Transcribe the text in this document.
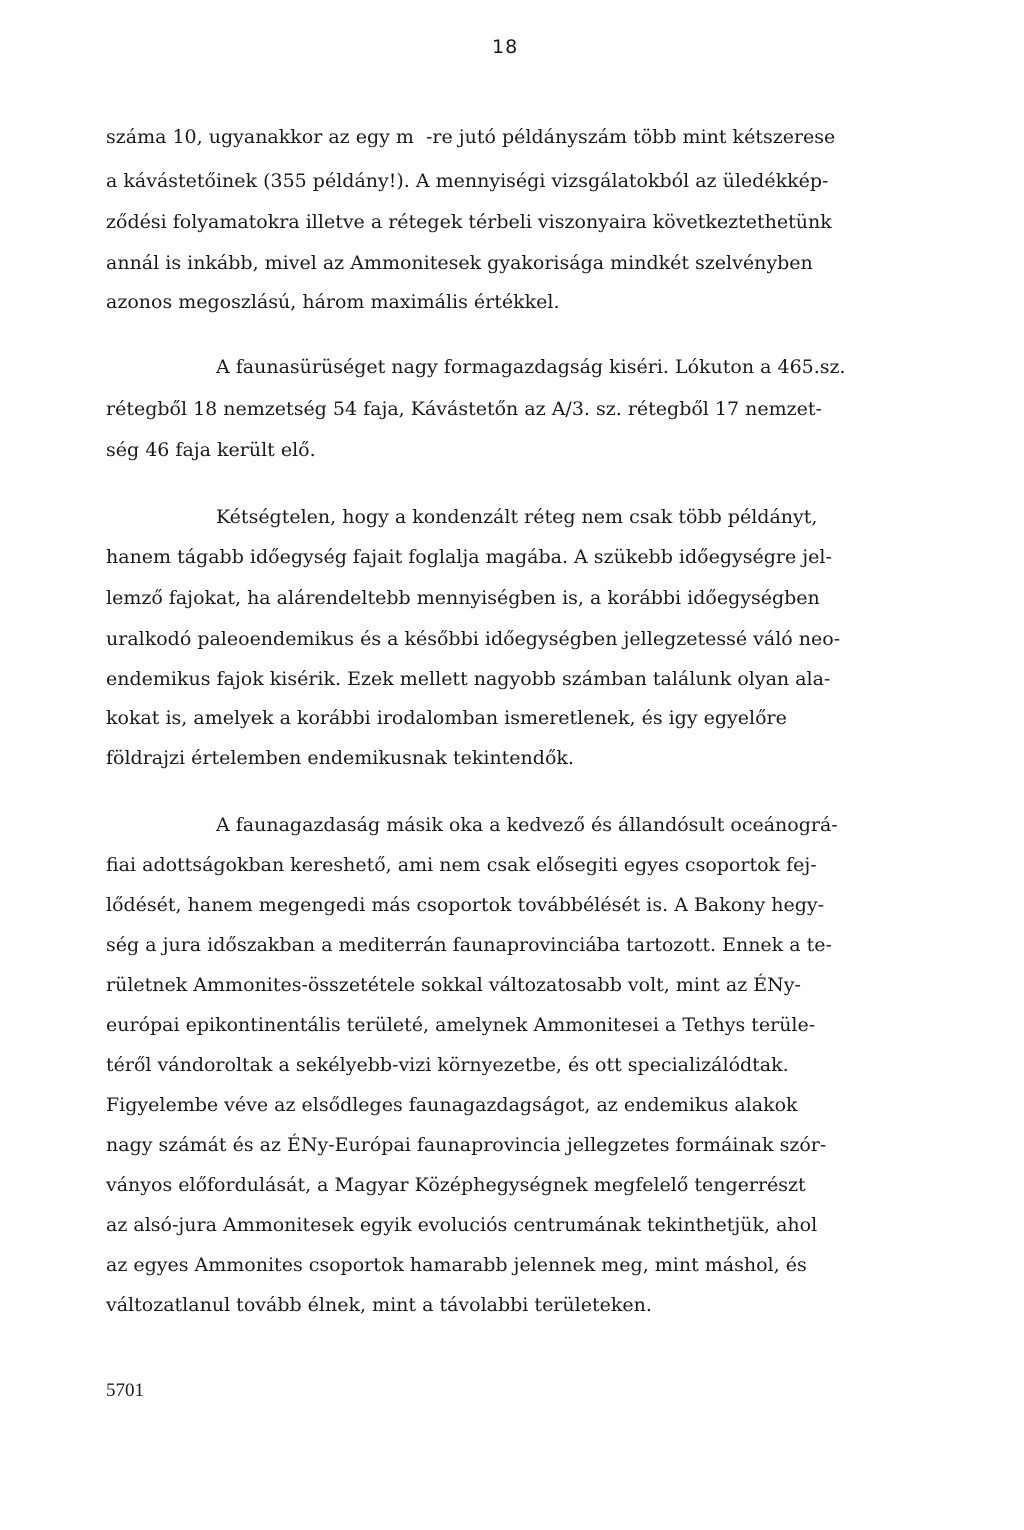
18
száma 10, ugyanakkor az egy m  -re jutó példányszám több mint kétszerese
a kávástetőinek (355 példány!). A mennyiségi vizsgálatokból az üledékkép-
ződési folyamatokra illetve a rétegek térbeli viszonyaira következtethetünk
annál is inkább, mivel az Ammonitesek gyakorisága mindkét szelvényben
azonos megoszlású, három maximális értékkel.
A faunasürüséget nagy formagazdagság kiséri. Lókuton a 465.sz.
rétegből 18 nemzetség 54 faja, Kávástetőn az A/3. sz. rétegből 17 nemzet-
ség 46 faja került elő.
Kétségtelen, hogy a kondenzált réteg nem csak több példányt,
hanem tágabb időegység fajait foglalja magába. A szükebb időegységre jel-
lemző fajokat, ha alárendeltebb mennyiségben is, a korábbi időegységben
uralkodó paleoendemikus és a későbbi időegységben jellegzetessé váló neo-
endemikus fajok kisérik. Ezek mellett nagyobb számban találunk olyan ala-
kokat is, amelyek a korábbi irodalomban ismeretlenek, és igy egyelőre
földrajzi értelemben endemikusnak tekintendők.
A faunagazdaság másik oka a kedvező és állandósult oceánográ-
fiai adottságokban kereshető, ami nem csak elősegiti egyes csoportok fej-
lődését, hanem megengedi más csoportok továbbélését is. A Bakony hegy-
ség a jura időszakban a mediterrán faunaprovinciába tartozott. Ennek a te-
rületnek Ammonites-összetétele sokkal változatosabb volt, mint az ÉNy-
európai epikontinentális területé, amelynek Ammonitesei a Tethys terüle-
téről vándoroltak a sekélyebb-vizi környezetbe, és ott specializálódtak.
Figyelembe véve az elsődleges faunagazdagságot, az endemikus alakok
nagy számát és az ÉNy-Európai faunaprovincia jellegzetes formáinak szór-
ványos előfordulását, a Magyar Középhegységnek megfelelő tengerrészt
az alsó-jura Ammonitesek egyik evoluciós centrumának tekinthetjük, ahol
az egyes Ammonites csoportok hamarabb jelennek meg, mint máshol, és
változatlanul tovább élnek, mint a távolabbi területeken.
5701
